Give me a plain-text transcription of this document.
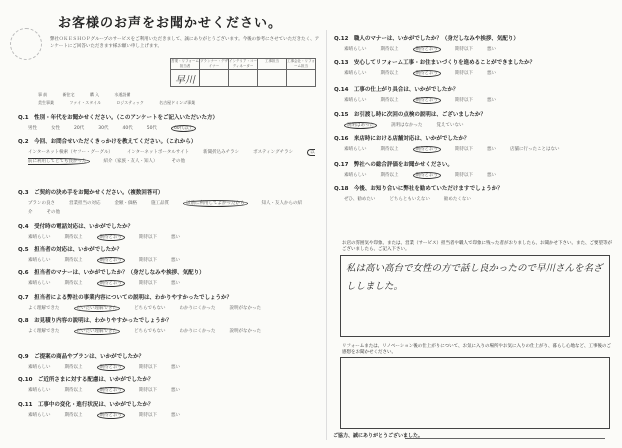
お客様のお声をお聞かせください。
弊社ＯＫＥＳＨＯＰグループのサービスをご利用いただきまして、誠にありがとうございます。今後の参考にさせていただきたく、アンケートにご回答いただきます様お願い申し上げます。
営業・リフォーム担当者	プランナー・デザイナー	インテリア・コーディネーター	工事担当	工事会社・リフォーム担当

早川				

事 前	新住宅	購 入	水道設備
美生事業	ファイ・スタイル	ロジスティック	名古屋ドミンゴ事業
Q.1　性別・年代をお聞かせください。（このアンケートをご記入いただいた方）
男性	女性	20代	30代	40代	50代	60代以上
Q.2　今回、お問合せいただくきっかけを教えてください。（これから）
インターネット検索（ヤフー・グーグル）	インターネットポータルサイト	新聞折込みチラシ	ポスティングチラシ	以前に利用してとても良かった	紹介（家族・友人・知人）	その他
Q.3　ご契約の決め手をお聞かせください。（複数回答可）
プランの良さ	営業担当の対応	金額・価格	施工品質	以前に利用してよかったから	知人・友人からの紹介	その他
Q.4　受付時の電話対応は、いかがでしたか？
素晴らしい	期待以上	期待どおり	期待以下	悪い
Q.5　担当者の対応は、いかがでしたか？
素晴らしい	期待以上	期待どおり	期待以下	悪い
Q.6　担当者のマナーは、いかがでしたか？（身だしなみや挨拶、気配り）
素晴らしい	期待以上	期待どおり	期待以下	悪い
Q.7　担当者による弊社の事業内容についての説明は、わかりやすかったでしょうか？
よく理解できた	だいたい理解できた	どちらでもない	わかりにくかった	説明がなかった
Q.8　お見積り内容の説明は、わかりやすかったでしょうか？
よく理解できた	だいたい理解できた	どちらでもない	わかりにくかった	説明がなかった
Q.9　ご提案の商品やプランは、いかがでしたか？
素晴らしい	期待以上	期待どおり	期待以下	悪い
Q.10　ご近所さまに対する配慮は、いかがでしたか？
素晴らしい	期待以上	期待どおり	期待以下	悪い
Q.11　工事中の変化・進行状況は、いかがでしたか？
素晴らしい	期待以上	期待どおり	期待以下	悪い
Q.12　職人のマナーは、いかがでしたか？（身だしなみや挨拶、気配り）
素晴らしい	期待以上	期待どおり	期待以下	悪い
Q.13　安心してリフォーム工事・お住まいづくりを進めることができましたか？
素晴らしい	期待以上	期待どおり	期待以下	悪い
Q.14　工事の仕上がり具合は、いかがでしたか？
素晴らしい	期待以上	期待どおり	期待以下	悪い
Q.15　お引渡し時に次回の点検の説明は、ございましたか？
説明はあった	説明はなかった	覚えていない
Q.16　来店時における店舗対応は、いかがでしたか？
素晴らしい	期待以上	期待どおり	期待以下	悪い	店舗に行ったことはない
Q.17　弊社への総合評価をお聞かせください。
素晴らしい	期待以上	期待どおり	期待以下	悪い
Q.18　今後、お知り合いに弊社を勧めていただけますでしょうか？
ぜひ、勧めたい	どちらともいえない	勧めたくない
お店の雰囲気や印象、または、営業（サービス）担当者や職人で印象に残った者がおりましたら、お聞かせ下さい。また、ご要望等がございましたら、ご記入下さい。
私は高い高台で女性の方で話し良かったので早川さんを名ざししました。
リフォームまたは、リノベーション後の仕上がりについて、お気に入りの場所やお気に入りの仕上がり、暮らし心地など、工事後のご感想をお聞かせください。
ご協力、誠にありがとうございました。
